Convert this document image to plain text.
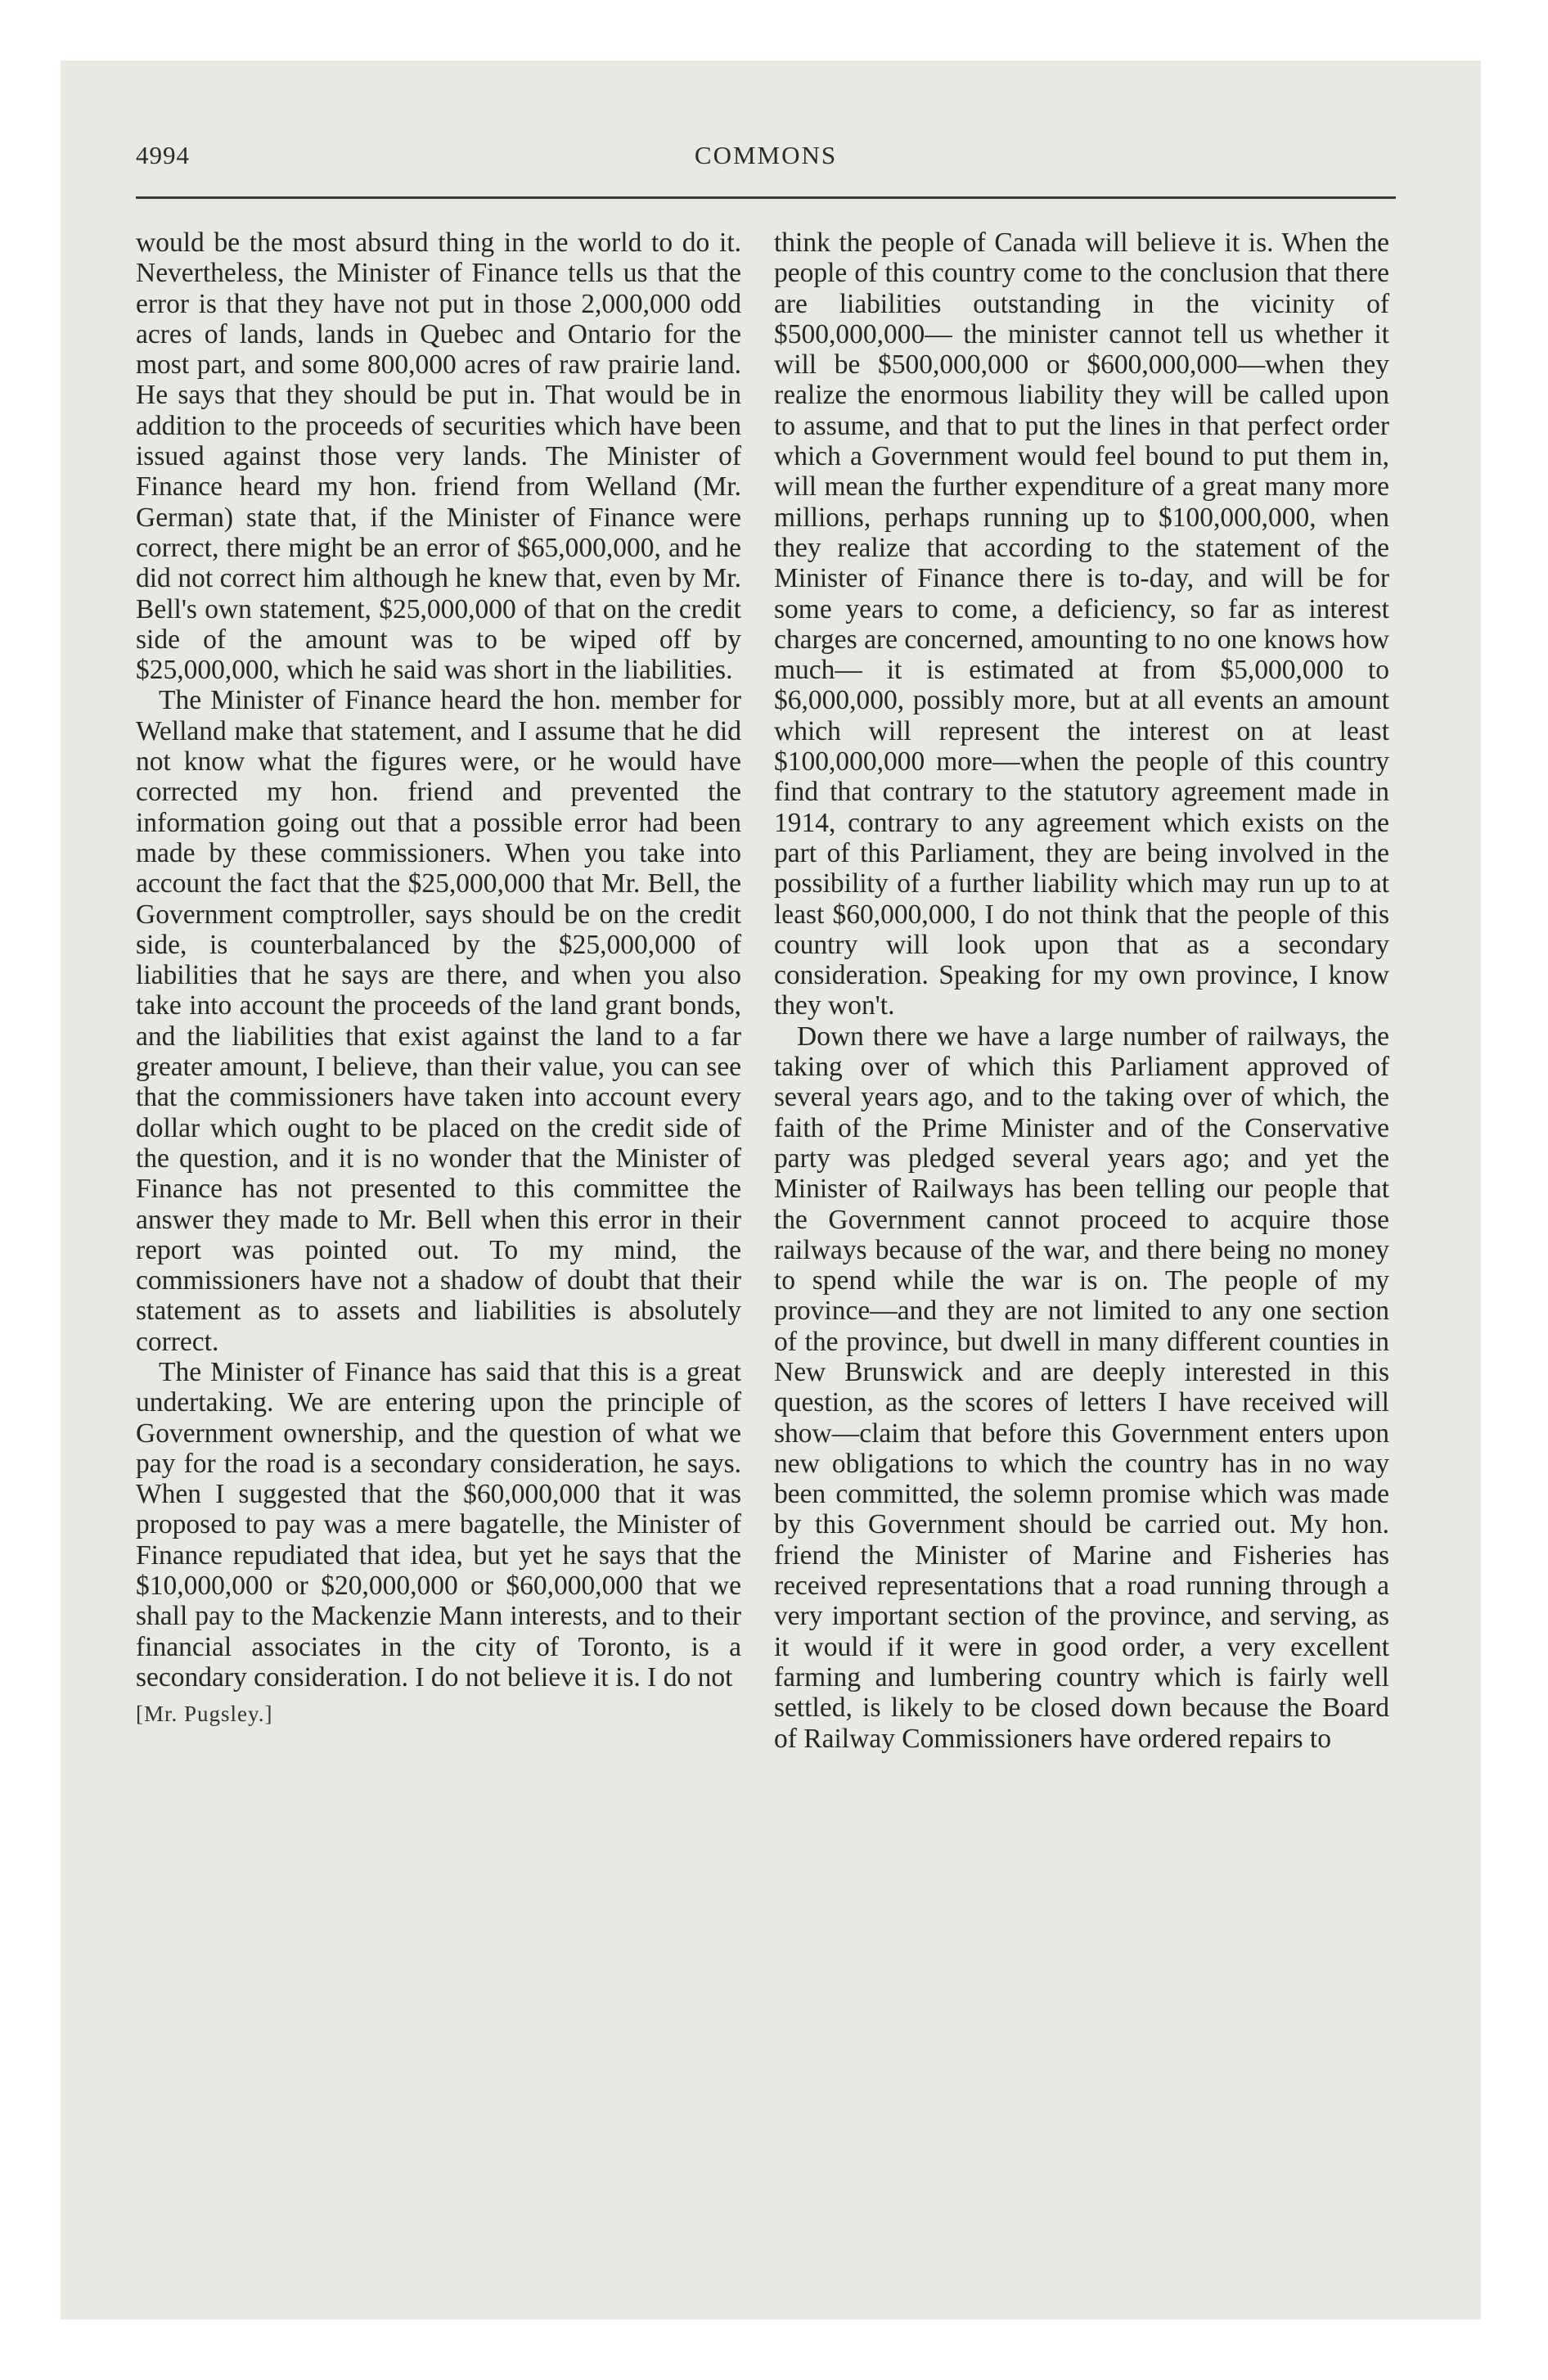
4994	COMMONS

would be the most absurd thing in the world to do it. Nevertheless, the Minister of Finance tells us that the error is that they have not put in those 2,000,000 odd acres of lands, lands in Quebec and Ontario for the most part, and some 800,000 acres of raw prairie land. He says that they should be put in. That would be in addition to the proceeds of securities which have been issued against those very lands. The Minister of Finance heard my hon. friend from Welland (Mr. German) state that, if the Minister of Finance were correct, there might be an error of $65,000,000, and he did not correct him although he knew that, even by Mr. Bell's own statement, $25,000,000 of that on the credit side of the amount was to be wiped off by $25,000,000, which he said was short in the liabilities.

The Minister of Finance heard the hon. member for Welland make that statement, and I assume that he did not know what the figures were, or he would have corrected my hon. friend and prevented the information going out that a possible error had been made by these commissioners. When you take into account the fact that the $25,000,000 that Mr. Bell, the Government comptroller, says should be on the credit side, is counterbalanced by the $25,000,000 of liabilities that he says are there, and when you also take into account the proceeds of the land grant bonds, and the liabilities that exist against the land to a far greater amount, I believe, than their value, you can see that the commissioners have taken into account every dollar which ought to be placed on the credit side of the question, and it is no wonder that the Minister of Finance has not presented to this committee the answer they made to Mr. Bell when this error in their report was pointed out. To my mind, the commissioners have not a shadow of doubt that their statement as to assets and liabilities is absolutely correct.

The Minister of Finance has said that this is a great undertaking. We are entering upon the principle of Government ownership, and the question of what we pay for the road is a secondary consideration, he says. When I suggested that the $60,000,000 that it was proposed to pay was a mere bagatelle, the Minister of Finance repudiated that idea, but yet he says that the $10,000,000 or $20,000,000 or $60,000,000 that we shall pay to the Mackenzie Mann interests, and to their financial associates in the city of Toronto, is a secondary consideration. I do not believe it is. I do not

[Mr. Pugsley.]

think the people of Canada will believe it is. When the people of this country come to the conclusion that there are liabilities outstanding in the vicinity of $500,000,000— the minister cannot tell us whether it will be $500,000,000 or $600,000,000—when they realize the enormous liability they will be called upon to assume, and that to put the lines in that perfect order which a Government would feel bound to put them in, will mean the further expenditure of a great many more millions, perhaps running up to $100,000,000, when they realize that according to the statement of the Minister of Finance there is to-day, and will be for some years to come, a deficiency, so far as interest charges are concerned, amounting to no one knows how much— it is estimated at from $5,000,000 to $6,000,000, possibly more, but at all events an amount which will represent the interest on at least $100,000,000 more—when the people of this country find that contrary to the statutory agreement made in 1914, contrary to any agreement which exists on the part of this Parliament, they are being involved in the possibility of a further liability which may run up to at least $60,000,000, I do not think that the people of this country will look upon that as a secondary consideration. Speaking for my own province, I know they won't.

Down there we have a large number of railways, the taking over of which this Parliament approved of several years ago, and to the taking over of which, the faith of the Prime Minister and of the Conservative party was pledged several years ago; and yet the Minister of Railways has been telling our people that the Government cannot proceed to acquire those railways because of the war, and there being no money to spend while the war is on. The people of my province—and they are not limited to any one section of the province, but dwell in many different counties in New Brunswick and are deeply interested in this question, as the scores of letters I have received will show—claim that before this Government enters upon new obligations to which the country has in no way been committed, the solemn promise which was made by this Government should be carried out. My hon. friend the Minister of Marine and Fisheries has received representations that a road running through a very important section of the province, and serving, as it would if it were in good order, a very excellent farming and lumbering country which is fairly well settled, is likely to be closed down because the Board of Railway Commissioners have ordered repairs to
